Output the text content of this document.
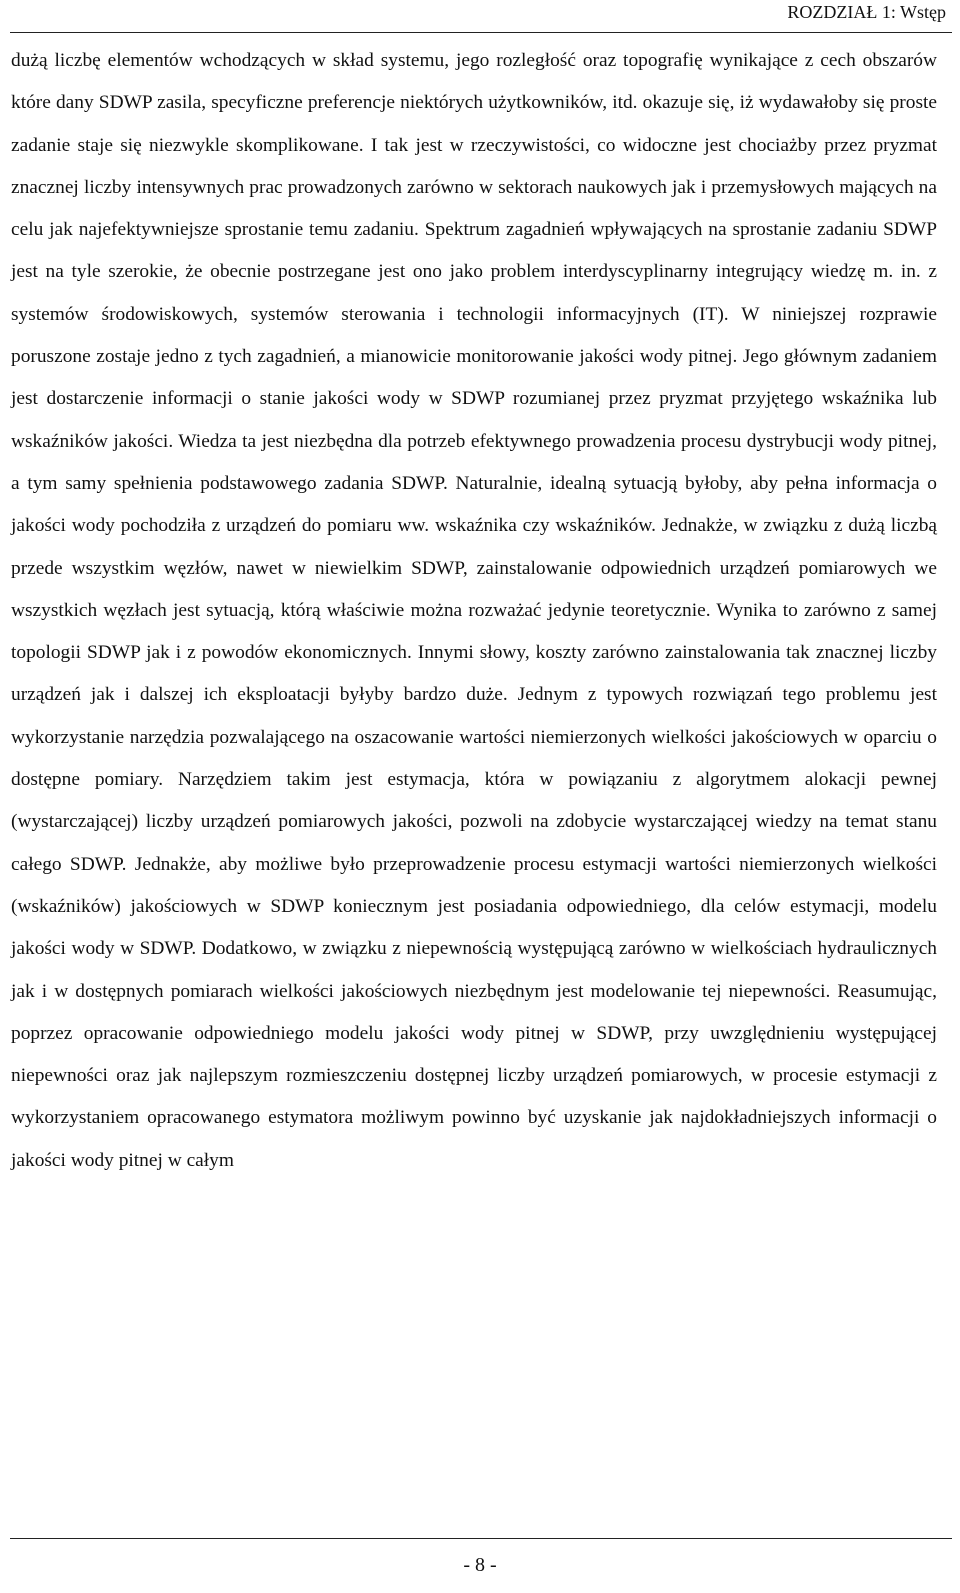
ROZDZIAŁ 1: Wstęp

dużą liczbę elementów wchodzących w skład systemu, jego rozległość oraz topografię wynikające z cech obszarów które dany SDWP zasila, specyficzne preferencje niektórych użytkowników, itd. okazuje się, iż wydawałoby się proste zadanie staje się niezwykle skomplikowane. I tak jest w rzeczywistości, co widoczne jest chociażby przez pryzmat znacznej liczby intensywnych prac prowadzonych zarówno w sektorach naukowych jak i przemysłowych mających na celu jak najefektywniejsze sprostanie temu zadaniu. Spektrum zagadnień wpływających na sprostanie zadaniu SDWP jest na tyle szerokie, że obecnie postrzegane jest ono jako problem interdyscyplinarny integrujący wiedzę m. in. z systemów środowiskowych, systemów sterowania i technologii informacyjnych (IT). W niniejszej rozprawie poruszone zostaje jedno z tych zagadnień, a mianowicie monitorowanie jakości wody pitnej. Jego głównym zadaniem jest dostarczenie informacji o stanie jakości wody w SDWP rozumianej przez pryzmat przyjętego wskaźnika lub wskaźników jakości. Wiedza ta jest niezbędna dla potrzeb efektywnego prowadzenia procesu dystrybucji wody pitnej, a tym samy spełnienia podstawowego zadania SDWP. Naturalnie, idealną sytuacją byłoby, aby pełna informacja o jakości wody pochodziła z urządzeń do pomiaru ww. wskaźnika czy wskaźników. Jednakże, w związku z dużą liczbą przede wszystkim węzłów, nawet w niewielkim SDWP, zainstalowanie odpowiednich urządzeń pomiarowych we wszystkich węzłach jest sytuacją, którą właściwie można rozważać jedynie teoretycznie. Wynika to zarówno z samej topologii SDWP jak i z powodów ekonomicznych. Innymi słowy, koszty zarówno zainstalowania tak znacznej liczby urządzeń jak i dalszej ich eksploatacji byłyby bardzo duże. Jednym z typowych rozwiązań tego problemu jest wykorzystanie narzędzia pozwalającego na oszacowanie wartości niemierzonych wielkości jakościowych w oparciu o dostępne pomiary. Narzędziem takim jest estymacja, która w powiązaniu z algorytmem alokacji pewnej (wystarczającej) liczby urządzeń pomiarowych jakości, pozwoli na zdobycie wystarczającej wiedzy na temat stanu całego SDWP. Jednakże, aby możliwe było przeprowadzenie procesu estymacji wartości niemierzonych wielkości (wskaźników) jakościowych w SDWP koniecznym jest posiadania odpowiedniego, dla celów estymacji, modelu jakości wody w SDWP. Dodatkowo, w związku z niepewnością występującą zarówno w wielkościach hydraulicznych jak i w dostępnych pomiarach wielkości jakościowych niezbędnym jest modelowanie tej niepewności. Reasumując, poprzez opracowanie odpowiedniego modelu jakości wody pitnej w SDWP, przy uwzględnieniu występującej niepewności oraz jak najlepszym rozmieszczeniu dostępnej liczby urządzeń pomiarowych, w procesie estymacji z wykorzystaniem opracowanego estymatora możliwym powinno być uzyskanie jak najdokładniejszych informacji o jakości wody pitnej w całym

- 8 -
